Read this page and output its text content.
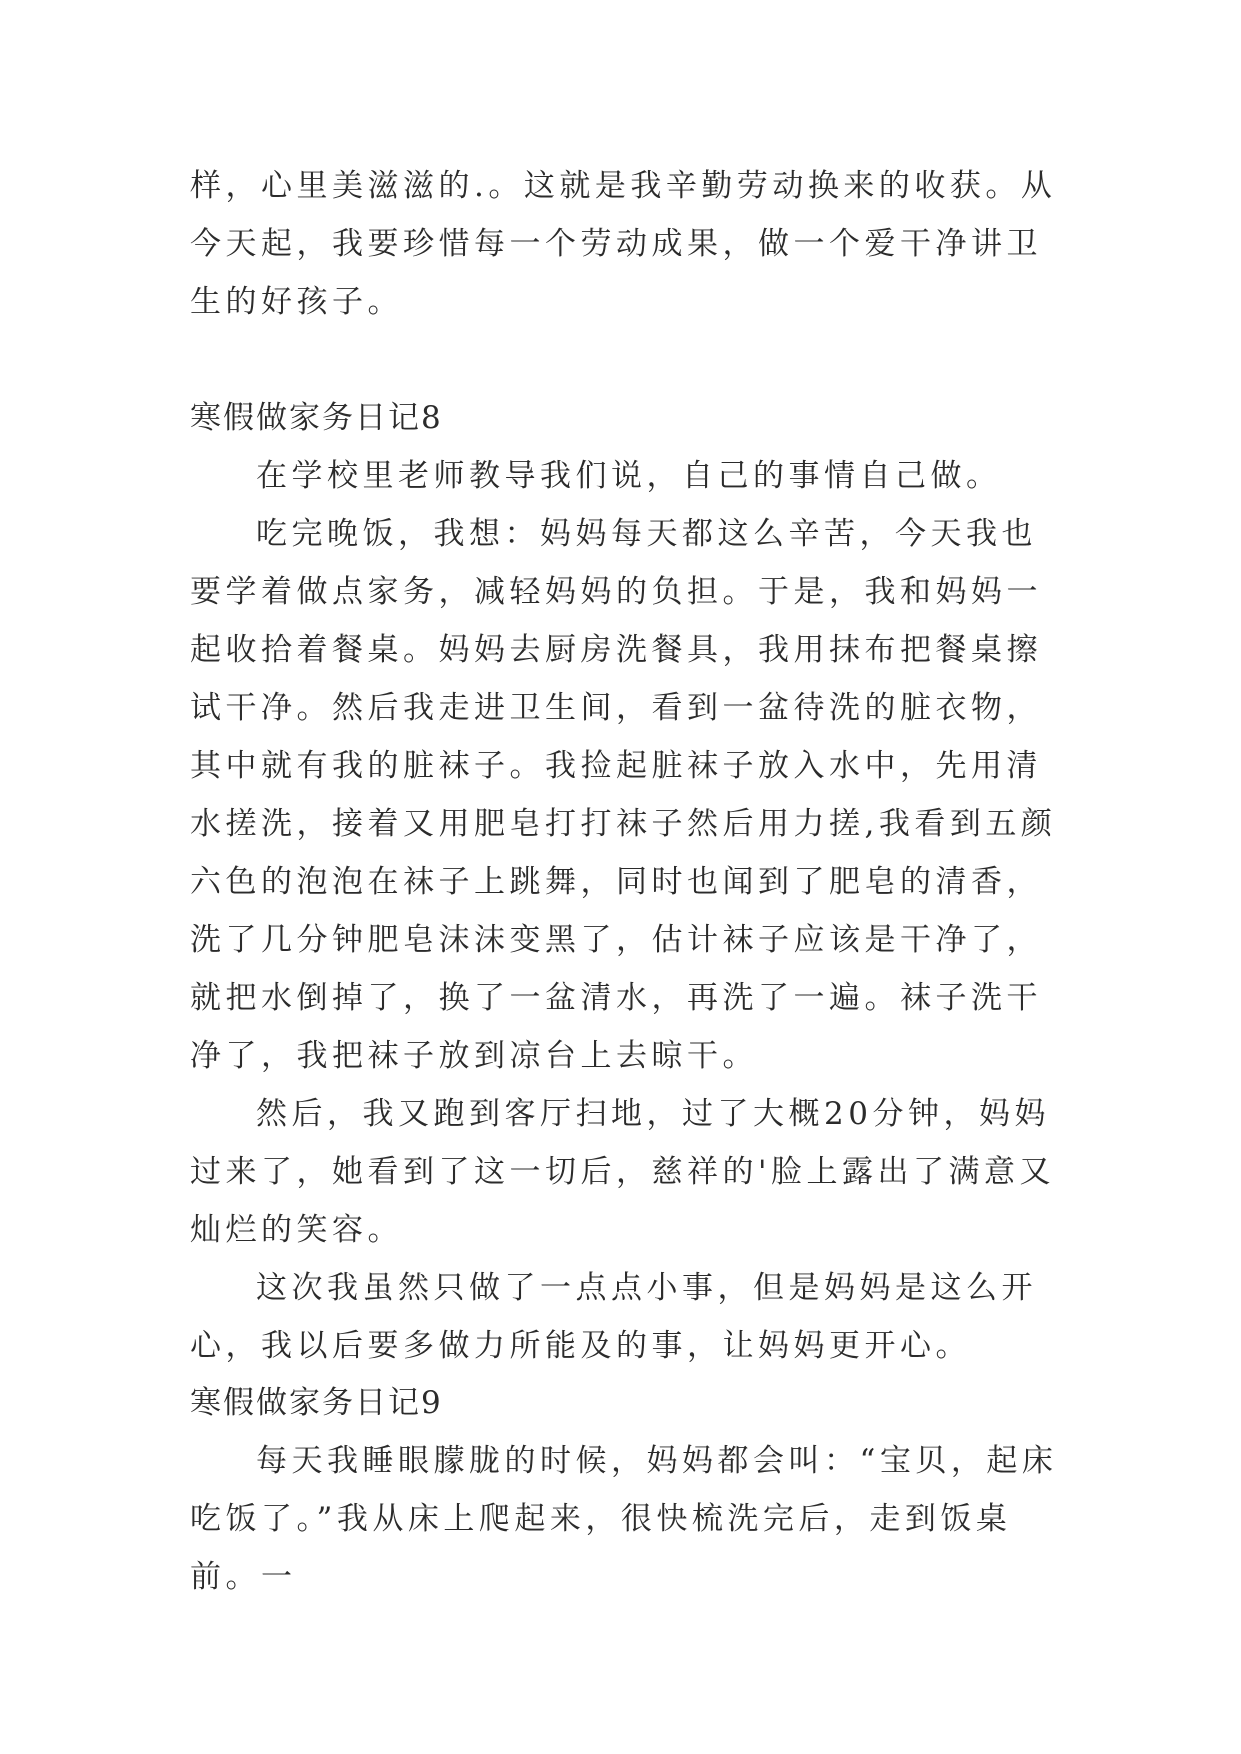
样，心里美滋滋的.。这就是我辛勤劳动换来的收获。从今天起，我要珍惜每一个劳动成果，做一个爱干净讲卫生的好孩子。

寒假做家务日记8

在学校里老师教导我们说，自己的事情自己做。

吃完晚饭，我想：妈妈每天都这么辛苦，今天我也要学着做点家务，减轻妈妈的负担。于是，我和妈妈一起收拾着餐桌。妈妈去厨房洗餐具，我用抹布把餐桌擦试干净。然后我走进卫生间，看到一盆待洗的脏衣物，其中就有我的脏袜子。我捡起脏袜子放入水中，先用清水搓洗，接着又用肥皂打打袜子然后用力搓,我看到五颜六色的泡泡在袜子上跳舞，同时也闻到了肥皂的清香，洗了几分钟肥皂沫沫变黑了，估计袜子应该是干净了，就把水倒掉了，换了一盆清水，再洗了一遍。袜子洗干净了，我把袜子放到凉台上去晾干。

然后，我又跑到客厅扫地，过了大概20分钟，妈妈过来了，她看到了这一切后，慈祥的'脸上露出了满意又灿烂的笑容。

这次我虽然只做了一点点小事，但是妈妈是这么开心，我以后要多做力所能及的事，让妈妈更开心。

寒假做家务日记9

每天我睡眼朦胧的时候，妈妈都会叫：“宝贝，起床吃饭了。”我从床上爬起来，很快梳洗完后，走到饭桌前。一
